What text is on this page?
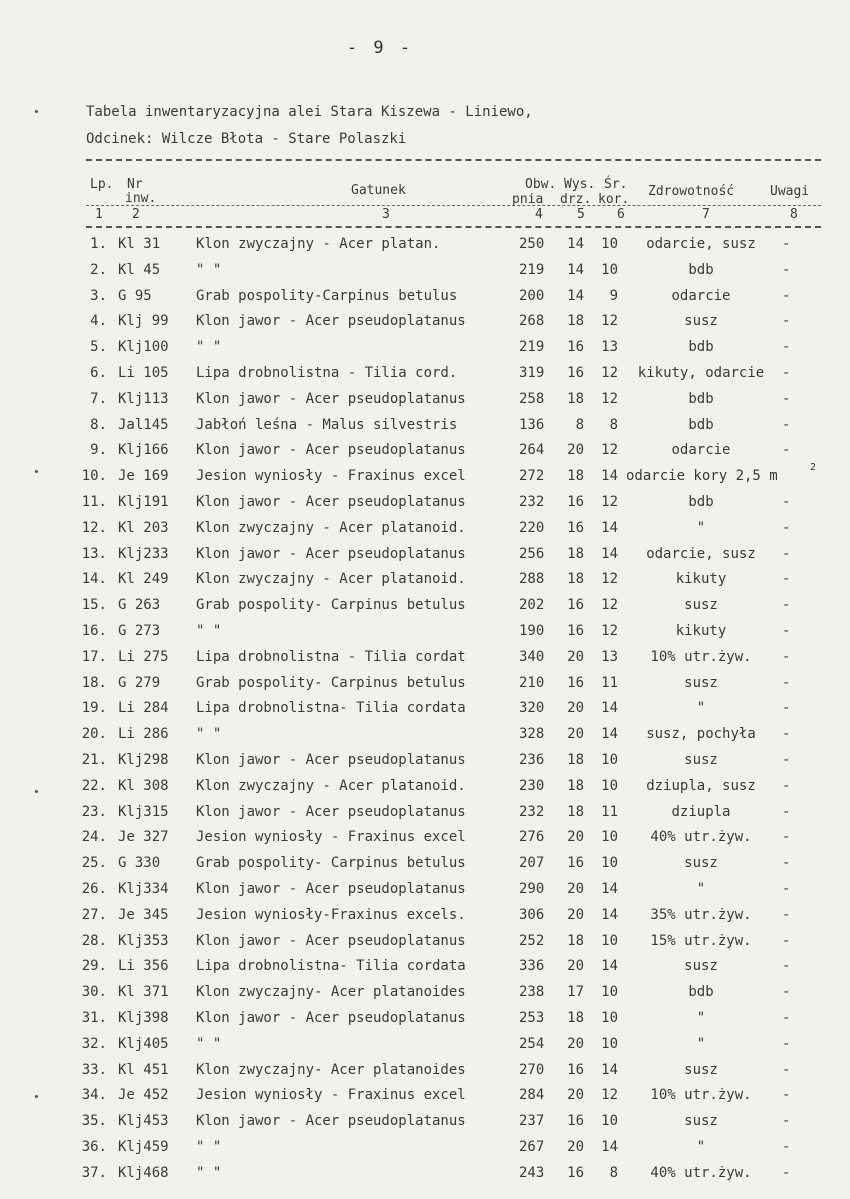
- 9 -
Tabela inwentaryzacyjna alei Stara Kiszewa - Liniewo,
Odcinek: Wilcze Błota - Stare Polaszki
Lp. Nr
inw.
Gatunek	Obw. Wys. Śr.
pnia drz. kor.
Zdrowotność	Uwagi
1 2	3	4	5 6	7	8
1. Kl 31	Klon zwyczajny - Acer platan.	250	14	10	odarcie, susz	-
2. Kl 45	" "	219	14	10	bdb	-
3. G 95	Grab pospolity-Carpinus betulus	200	14	9	odarcie	-
4. Klj 99 Klon jawor - Acer pseudoplatanus	268	18	12	susz	-
5. Klj100 " "	219	16	13	bdb	-
6. Li 105 Lipa drobnolistna - Tilia cord.	319	16	12	kikuty, odarcie	-
7. Klj113 Klon jawor - Acer pseudoplatanus	258	18	12	bdb	-
8. Jal145 Jabłoń leśna - Malus silvestris	136	8	8	bdb	-
9. Klj166 Klon jawor - Acer pseudoplatanus	264	20	12	odarcie	-
10. Je 169 Jesion wyniosły - Fraxinus excel	272	18	14 odarcie kory 2,5 m
2
11. Klj191 Klon jawor - Acer pseudoplatanus	232	16	12	bdb	-
12. Kl 203 Klon zwyczajny - Acer platanoid.	220	16	14	"	-
13. Klj233 Klon jawor - Acer pseudoplatanus	256	18	14	odarcie, susz	-
14. Kl 249 Klon zwyczajny - Acer platanoid.	288	18	12	kikuty	-
15. G 263	Grab pospolity- Carpinus betulus	202	16	12	susz	-
16. G 273	" "	190	16	12	kikuty	-
17. Li 275 Lipa drobnolistna - Tilia cordat	340	20	13	10% utr.żyw.	-
18. G 279	Grab pospolity- Carpinus betulus	210	16	11	susz	-
19. Li 284 Lipa drobnolistna- Tilia cordata	320	20	14	"	-
20. Li 286 " "	328	20	14	susz, pochyła	-
21. Klj298 Klon jawor - Acer pseudoplatanus	236	18	10	susz	-
22. Kl 308 Klon zwyczajny - Acer platanoid.	230	18	10	dziupla, susz	-
23. Klj315 Klon jawor - Acer pseudoplatanus	232	18	11	dziupla	-
24. Je 327 Jesion wyniosły - Fraxinus excel	276	20	10	40% utr.żyw.	-
25. G 330	Grab pospolity- Carpinus betulus	207	16	10	susz	-
26. Klj334 Klon jawor - Acer pseudoplatanus	290	20	14	"	-
27. Je 345 Jesion wyniosły-Fraxinus excels.	306	20	14	35% utr.żyw.	-
28. Klj353 Klon jawor - Acer pseudoplatanus	252	18	10	15% utr.żyw.	-
29. Li 356 Lipa drobnolistna- Tilia cordata	336	20	14	susz	-
30. Kl 371 Klon zwyczajny- Acer platanoides	238	17	10	bdb	-
31. Klj398 Klon jawor - Acer pseudoplatanus	253	18	10	"	-
32. Klj405 " "	254	20	10	"	-
33. Kl 451 Klon zwyczajny- Acer platanoides	270	16	14	susz	-
34. Je 452 Jesion wyniosły - Fraxinus excel	284	20	12	10% utr.żyw.	-
35. Klj453 Klon jawor - Acer pseudoplatanus	237	16	10	susz	-
36. Klj459 " "	267	20	14	"	-
37. Klj468 " "	243	16	8	40% utr.żyw.	-
